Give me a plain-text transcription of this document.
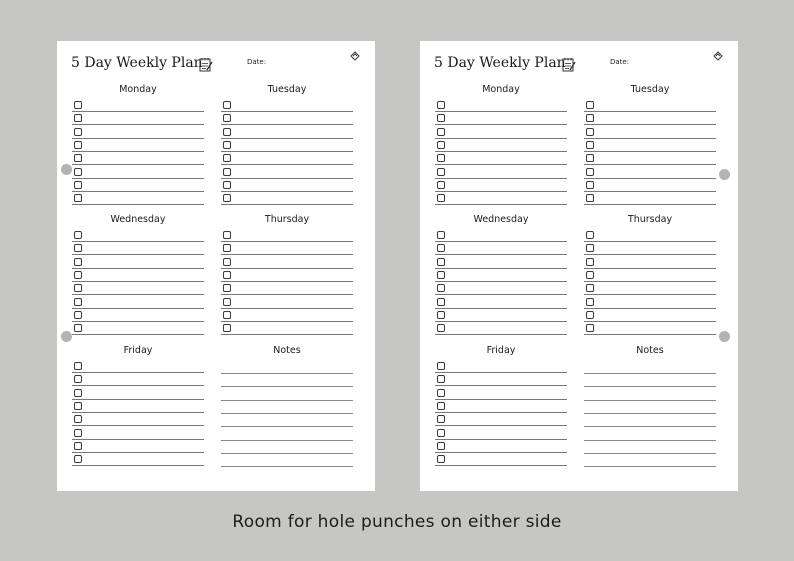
5 Day Weekly Plan	Date:
Monday	Tuesday
Wednesday	Thursday
Friday	Notes
5 Day Weekly Plan	Date:
Monday	Tuesday
Wednesday	Thursday
Friday	Notes
Room for hole punches on either side
